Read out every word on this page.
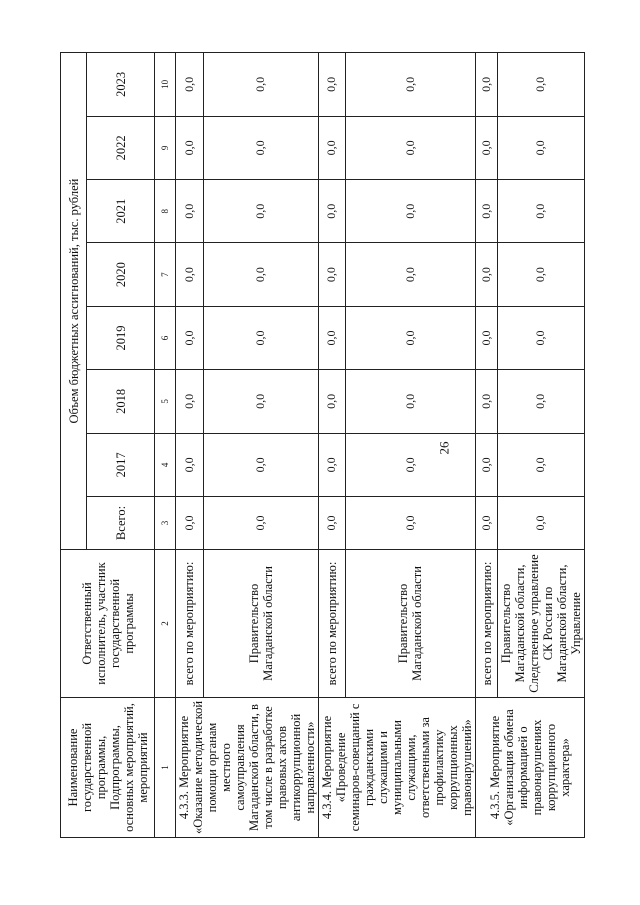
26
Наименование государственной программы, Подпрограммы, основных мероприятий, мероприятий	Ответственный исполнитель, участник государственной программы	Объем бюджетных ассигнований, тыс. рублей							
		Всего:	2017	2018	2019	2020	2021	2022	2023
1	2	3	4	5	6	7	8	9	10
4.3.3. Мероприятие «Оказание методической помощи органам местного самоуправления Магаданской области, в том числе в разработке правовых актов антикоррупционной направленности»	всего по мероприятию:	0,0	0,0	0,0	0,0	0,0	0,0	0,0	0,0
	Правительство Магаданской области	0,0	0,0	0,0	0,0	0,0	0,0	0,0	0,0
4.3.4. Мероприятие «Проведение семинаров-совещаний с гражданскими служащими и муниципальными служащими, ответственными за профилактику коррупционных правонарушений»	всего по мероприятию:	0,0	0,0	0,0	0,0	0,0	0,0	0,0	0,0
	Правительство Магаданской области	0,0	0,0	0,0	0,0	0,0	0,0	0,0	0,0
4.3.5. Мероприятие «Организация обмена информацией о правонарушениях коррупционного характера»	всего по мероприятию:	0,0	0,0	0,0	0,0	0,0	0,0	0,0	0,0
	Правительство Магаданской области, Следственное управление СК России по Магаданской области, Управление	0,0	0,0	0,0	0,0	0,0	0,0	0,0	0,0
